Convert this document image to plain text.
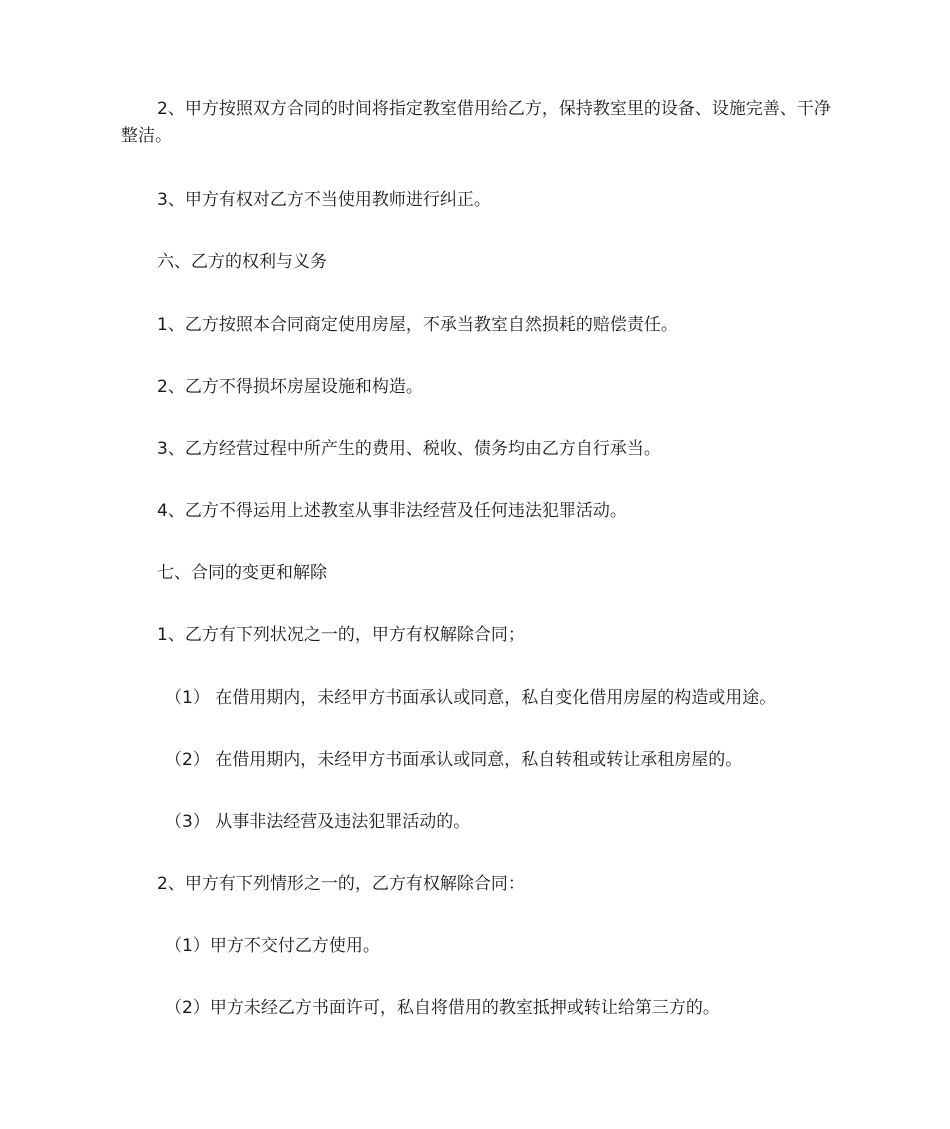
2、甲方按照双方合同的时间将指定教室借用给乙方，保持教室里的设备、设施完善、干净整洁。

3、甲方有权对乙方不当使用教师进行纠正。

六、乙方的权利与义务

1、乙方按照本合同商定使用房屋，不承当教室自然损耗的赔偿责任。

2、乙方不得损坏房屋设施和构造。

3、乙方经营过程中所产生的费用、税收、债务均由乙方自行承当。

4、乙方不得运用上述教室从事非法经营及任何违法犯罪活动。

七、合同的变更和解除

1、乙方有下列状况之一的，甲方有权解除合同；

（1） 在借用期内，未经甲方书面承认或同意，私自变化借用房屋的构造或用途。

（2） 在借用期内，未经甲方书面承认或同意，私自转租或转让承租房屋的。

（3） 从事非法经营及违法犯罪活动的。

2、甲方有下列情形之一的，乙方有权解除合同：

（1）甲方不交付乙方使用。

（2）甲方未经乙方书面许可，私自将借用的教室抵押或转让给第三方的。
